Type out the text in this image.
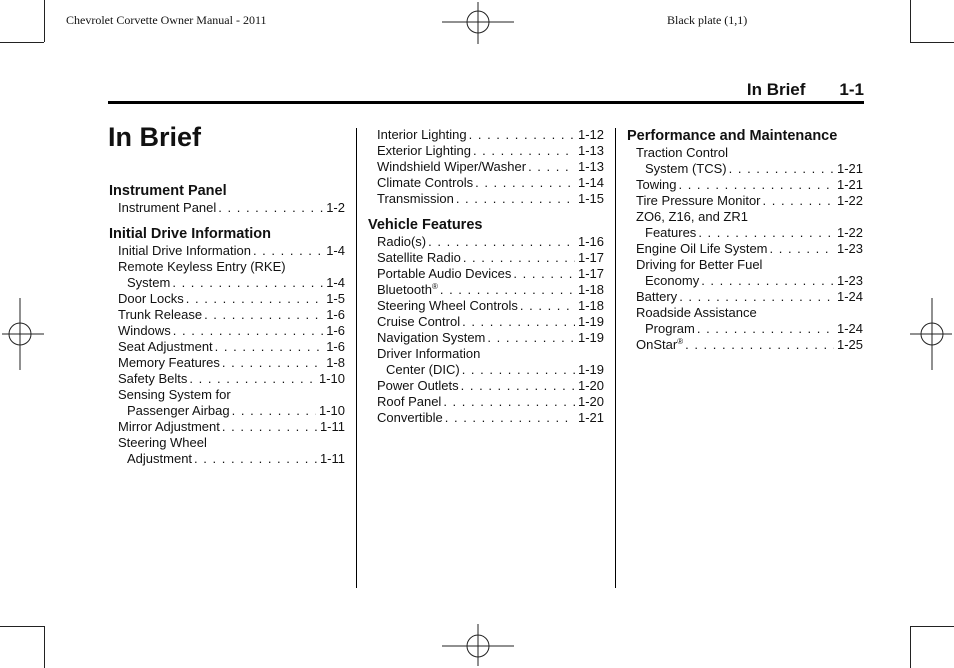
Chevrolet Corvette Owner Manual - 2011	Black plate (1,1)
In Brief 1-1
In Brief
Instrument Panel
Instrument Panel . . .	1-2
Initial Drive Information
Initial Drive Information . . .	1-4
Remote Keyless Entry (RKE)
System . . .	1-4
Door Locks . . .	1-5
Trunk Release . . .	1-6
Windows . . .	1-6
Seat Adjustment . . .	1-6
Memory Features . . .	1-8
Safety Belts . . .	1-10
Sensing System for
Passenger Airbag . . .	1-10
Mirror Adjustment . . .	1-11
Steering Wheel
Adjustment . . .	1-11
Interior Lighting . . .	1-12
Exterior Lighting . . .	1-13
Windshield Wiper/Washer . . .	1-13
Climate Controls . . .	1-14
Transmission . . .	1-15
Vehicle Features
Radio(s) . . .	1-16
Satellite Radio . . .	1-17
Portable Audio Devices . . .	1-17
Bluetooth® . . .	1-18
Steering Wheel Controls . . .	1-18
Cruise Control . . .	1-19
Navigation System . . .	1-19
Driver Information
Center (DIC) . . .	1-19
Power Outlets . . .	1-20
Roof Panel . . .	1-20
Convertible . . .	1-21
Performance and Maintenance
Traction Control
System (TCS) . . .	1-21
Towing . . .	1-21
Tire Pressure Monitor . . .	1-22
ZO6, Z16, and ZR1
Features . . .	1-22
Engine Oil Life System . . .	1-23
Driving for Better Fuel
Economy . . .	1-23
Battery . . .	1-24
Roadside Assistance
Program . . .	1-24
OnStar® . . .	1-25
